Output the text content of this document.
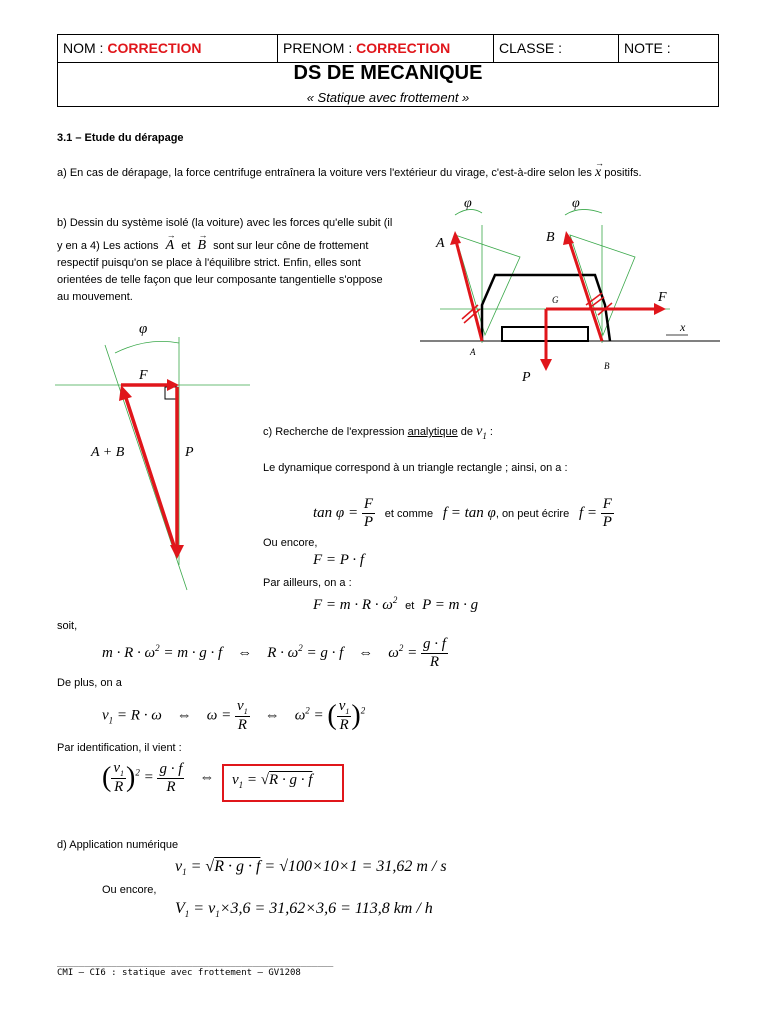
NOM : CORRECTION	PRENOM : CORRECTION	CLASSE :	NOTE :
DS DE MECANIQUE
« Statique avec frottement »
3.1 – Etude du dérapage
a) En cas de dérapage, la force centrifuge entraînera la voiture vers l'extérieur du virage, c'est-à-dire selon les x
→
positifs.
b) Dessin du système isolé (la voiture) avec les forces qu'elle subit (il
y en a 4) Les actions A
→
et B
→
sont sur leur cône de frottement
respectif puisqu'on se place à l'équilibre strict. Enfin, elles sont
orientées de telle façon que leur composante tangentielle s'oppose
au mouvement.
φ	φ
A	B
F
P
G
A
B
x
φ
F
A + B	P
c) Recherche de l'expression analytique de $v_1$ :
Le dynamique correspond à un triangle rectangle ; ainsi, on a :
$\tan \varphi = \frac{F}{P}$ et comme f = tan φ, on peut écrire $f = \frac{F}{P}$
Ou encore,
F = P · f
Par ailleurs, on a :
$F = m \cdot R \cdot \omega^2$ et P = m · g
soit,
$m \cdot R \cdot \omega^2 = m \cdot g \cdot f$    ⇔    $R \cdot \omega^2 = g \cdot f$    ⇔    $\omega^2 = \frac{g \cdot f}{R}$
De plus, on a
$v_1 = R \cdot \omega$    ⇔    $\omega = \frac{v_1}{R}$ ⇔    $\omega^2$ = ( $\frac{v_1}{R} )^2$
Par identification, il vient :
( $\frac{v_1}{R} )^2 = \frac{g \cdot f}{R}$ ⇔ $v_1 = √R \cdot g \cdot f$
d) Application numérique
$v_1 = √R \cdot g \cdot f = √100\times 10\times 1 = 31,62$ m / s
Ou encore,
$V_1 = v_1\times 3,6 = 31,62\times 3,6 = 113,8$ km / h
___________________________________________________
CMI – CI6 : statique avec frottement – GV1208
